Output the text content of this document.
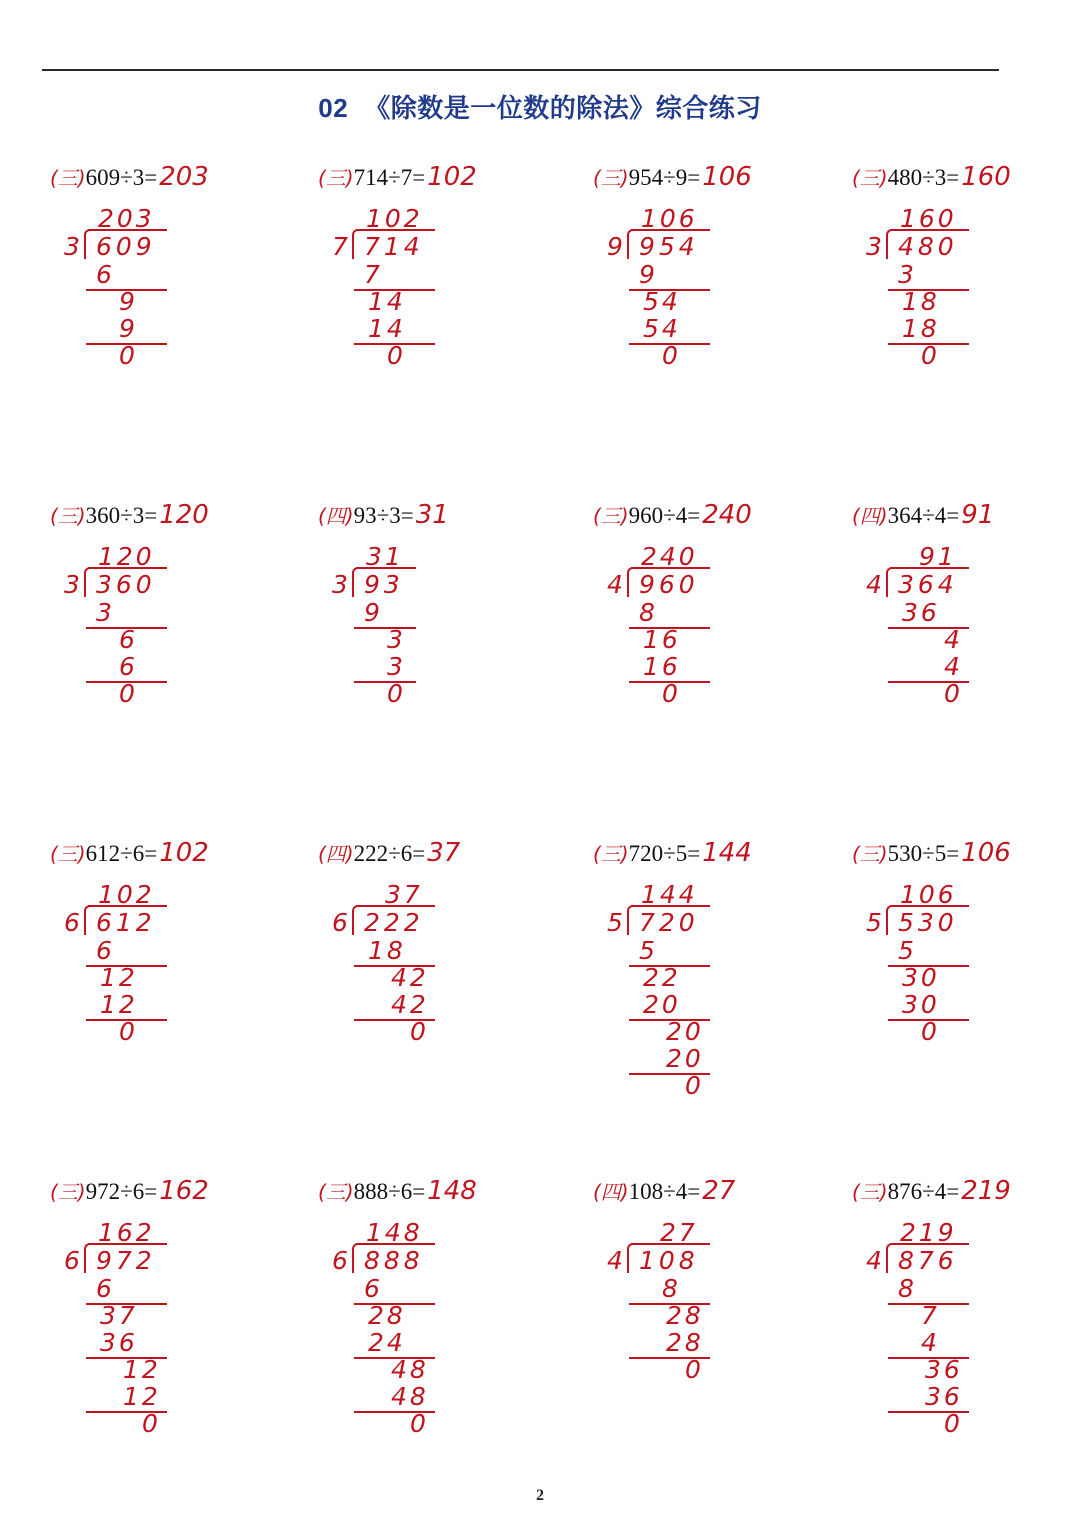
02 《除数是一位数的除法》综合练习
(三)609÷3=203
203
3 609
6
9
9
0
(三)714÷7=102
102
7 714
7
14
14
0
(三)954÷9=106
106
9 954
9
54
54
0
(三)480÷3=160
160
3 480
3
18
18
0
(三)360÷3=120
120
3 360
3
6
6
0
(四)93÷3=31
31
3 93
9
3
3
0
(三)960÷4=240
240
4 960
8
16
16
0
(四)364÷4=91
91
4 364
36
4
4
0
(三)612÷6=102
102
6 612
6
12
12
0
(四)222÷6=37
37
6 222
18
42
42
0
(三)720÷5=144
144
5 720
5
22
20
20
20
0
(三)530÷5=106
106
5 530
5
30
30
0
(三)972÷6=162
162
6 972
6
37
36
12
12
0
(三)888÷6=148
148
6 888
6
28
24
48
48
0
(四)108÷4=27
27
4 108
8
28
28
0
(三)876÷4=219
219
4 876
8
7
4
36
36
0
2
